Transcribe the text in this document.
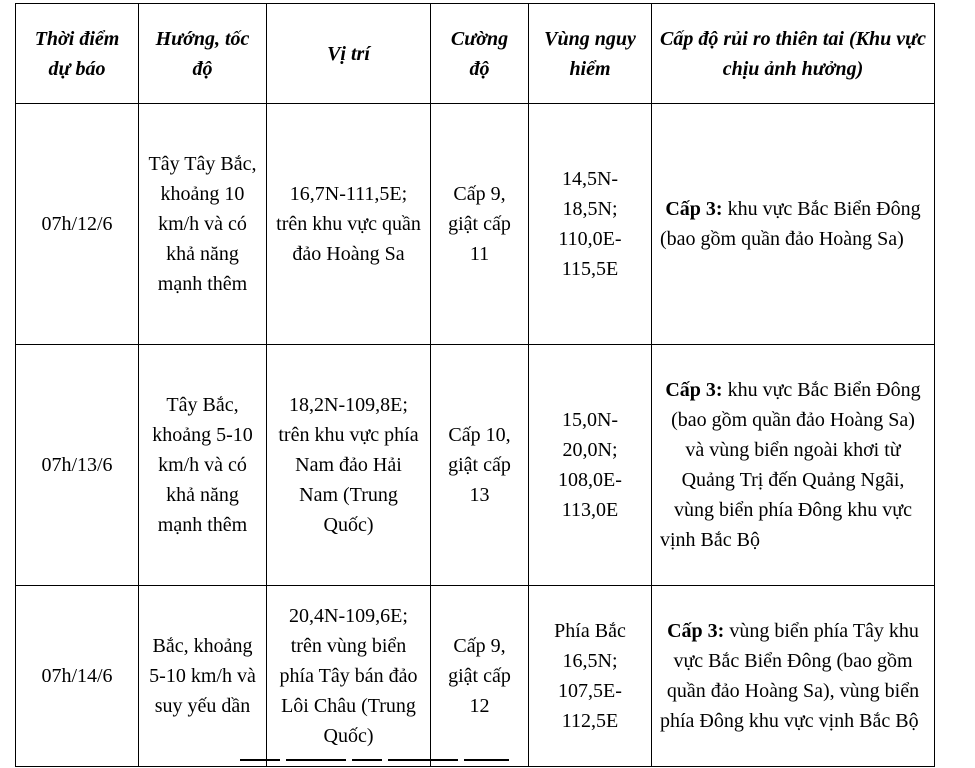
Thời điểm dự báo	Hướng, tốc độ	Vị trí	Cường độ	Vùng nguy hiểm	Cấp độ rủi ro thiên tai (Khu vực chịu ảnh hưởng)
07h/12/6	Tây Tây Bắc, khoảng 10 km/h và có khả năng mạnh thêm	16,7N-111,5E; trên khu vực quần đảo Hoàng Sa	Cấp 9, giật cấp 11	14,5N-18,5N; 110,0E-115,5E	Cấp 3: khu vực Bắc Biển Đông (bao gồm quần đảo Hoàng Sa)
07h/13/6	Tây Bắc, khoảng 5-10 km/h và có khả năng mạnh thêm	18,2N-109,8E; trên khu vực phía Nam đảo Hải Nam (Trung Quốc)	Cấp 10, giật cấp 13	15,0N-20,0N; 108,0E-113,0E	Cấp 3: khu vực Bắc Biển Đông (bao gồm quần đảo Hoàng Sa) và vùng biển ngoài khơi từ Quảng Trị đến Quảng Ngãi, vùng biển phía Đông khu vực vịnh Bắc Bộ
07h/14/6	Bắc, khoảng 5-10 km/h và suy yếu dần	20,4N-109,6E; trên vùng biển phía Tây bán đảo Lôi Châu (Trung Quốc)	Cấp 9, giật cấp 12	Phía Bắc 16,5N; 107,5E-112,5E	Cấp 3: vùng biển phía Tây khu vực Bắc Biển Đông (bao gồm quần đảo Hoàng Sa), vùng biển phía Đông khu vực vịnh Bắc Bộ
